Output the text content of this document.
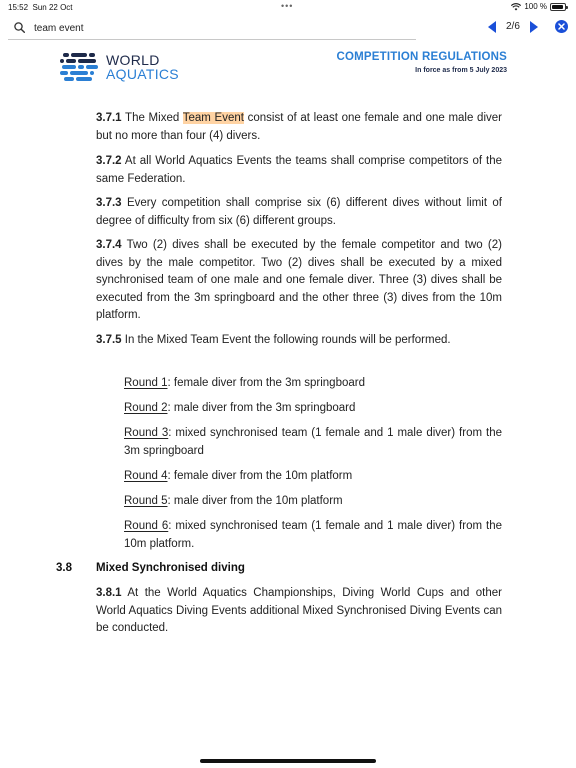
15:52 Sun 22 Oct	•••	100 %
team event
2/6
WORLD
AQUATICS
COMPETITION REGULATIONS
In force as from 5 July 2023
3.7.1 The Mixed Team Event consist of at least one female and one male diver but no more than four (4) divers.
3.7.2 At all World Aquatics Events the teams shall comprise competitors of the same Federation.
3.7.3 Every competition shall comprise six (6) different dives without limit of degree of difficulty from six (6) different groups.
3.7.4 Two (2) dives shall be executed by the female competitor and two (2) dives by the male competitor. Two (2) dives shall be executed by a mixed synchronised team of one male and one female diver. Three (3) dives shall be executed from the 3m springboard and the other three (3) dives from the 10m platform.
3.7.5 In the Mixed Team Event the following rounds will be performed.
Round 1: female diver from the 3m springboard
Round 2: male diver from the 3m springboard
Round 3: mixed synchronised team (1 female and 1 male diver) from the 3m springboard
Round 4: female diver from the 10m platform
Round 5: male diver from the 10m platform
Round 6: mixed synchronised team (1 female and 1 male diver) from the 10m platform.
3.8 Mixed Synchronised diving
3.8.1 At the World Aquatics Championships, Diving World Cups and other World Aquatics Diving Events additional Mixed Synchronised Diving Events can be conducted.
